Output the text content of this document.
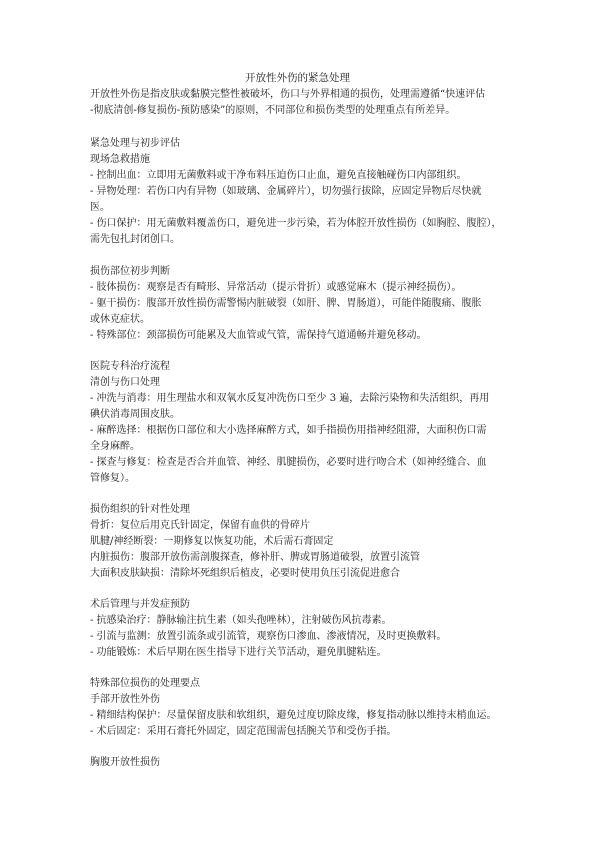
开放性外伤的紧急处理
开放性外伤是指皮肤或黏膜完整性被破坏，伤口与外界相通的损伤，处理需遵循“快速评估
-彻底清创-修复损伤-预防感染”的原则，不同部位和损伤类型的处理重点有所差异。
紧急处理与初步评估
现场急救措施
- 控制出血：立即用无菌敷料或干净布料压迫伤口止血，避免直接触碰伤口内部组织。
- 异物处理：若伤口内有异物（如玻璃、金属碎片），切勿强行拔除，应固定异物后尽快就
医。
- 伤口保护：用无菌敷料覆盖伤口，避免进一步污染，若为体腔开放性损伤（如胸腔、腹腔），
需先包扎封闭创口。
损伤部位初步判断
- 肢体损伤：观察是否有畸形、异常活动（提示骨折）或感觉麻木（提示神经损伤）。
- 躯干损伤：腹部开放性损伤需警惕内脏破裂（如肝、脾、胃肠道），可能伴随腹痛、腹胀
或休克症状。
- 特殊部位：颈部损伤可能累及大血管或气管，需保持气道通畅并避免移动。
医院专科治疗流程
清创与伤口处理
- 冲洗与消毒：用生理盐水和双氧水反复冲洗伤口至少 3 遍，去除污染物和失活组织，再用
碘伏消毒周围皮肤。
- 麻醉选择：根据伤口部位和大小选择麻醉方式，如手指损伤用指神经阻滞，大面积伤口需
全身麻醉。
- 探查与修复：检查是否合并血管、神经、肌腱损伤，必要时进行吻合术（如神经缝合、血
管修复）。
损伤组织的针对性处理
骨折：复位后用克氏针固定，保留有血供的骨碎片
肌腱/神经断裂：一期修复以恢复功能，术后需石膏固定
内脏损伤：腹部开放伤需剖腹探查，修补肝、脾或胃肠道破裂，放置引流管
大面积皮肤缺损：清除坏死组织后植皮，必要时使用负压引流促进愈合
术后管理与并发症预防
- 抗感染治疗：静脉输注抗生素（如头孢唑林），注射破伤风抗毒素。
- 引流与监测：放置引流条或引流管，观察伤口渗血、渗液情况，及时更换敷料。
- 功能锻炼：术后早期在医生指导下进行关节活动，避免肌腱粘连。
特殊部位损伤的处理要点
手部开放性外伤
- 精细结构保护：尽量保留皮肤和软组织，避免过度切除皮缘，修复指动脉以维持末梢血运。
- 术后固定：采用石膏托外固定，固定范围需包括腕关节和受伤手指。
胸腹开放性损伤
